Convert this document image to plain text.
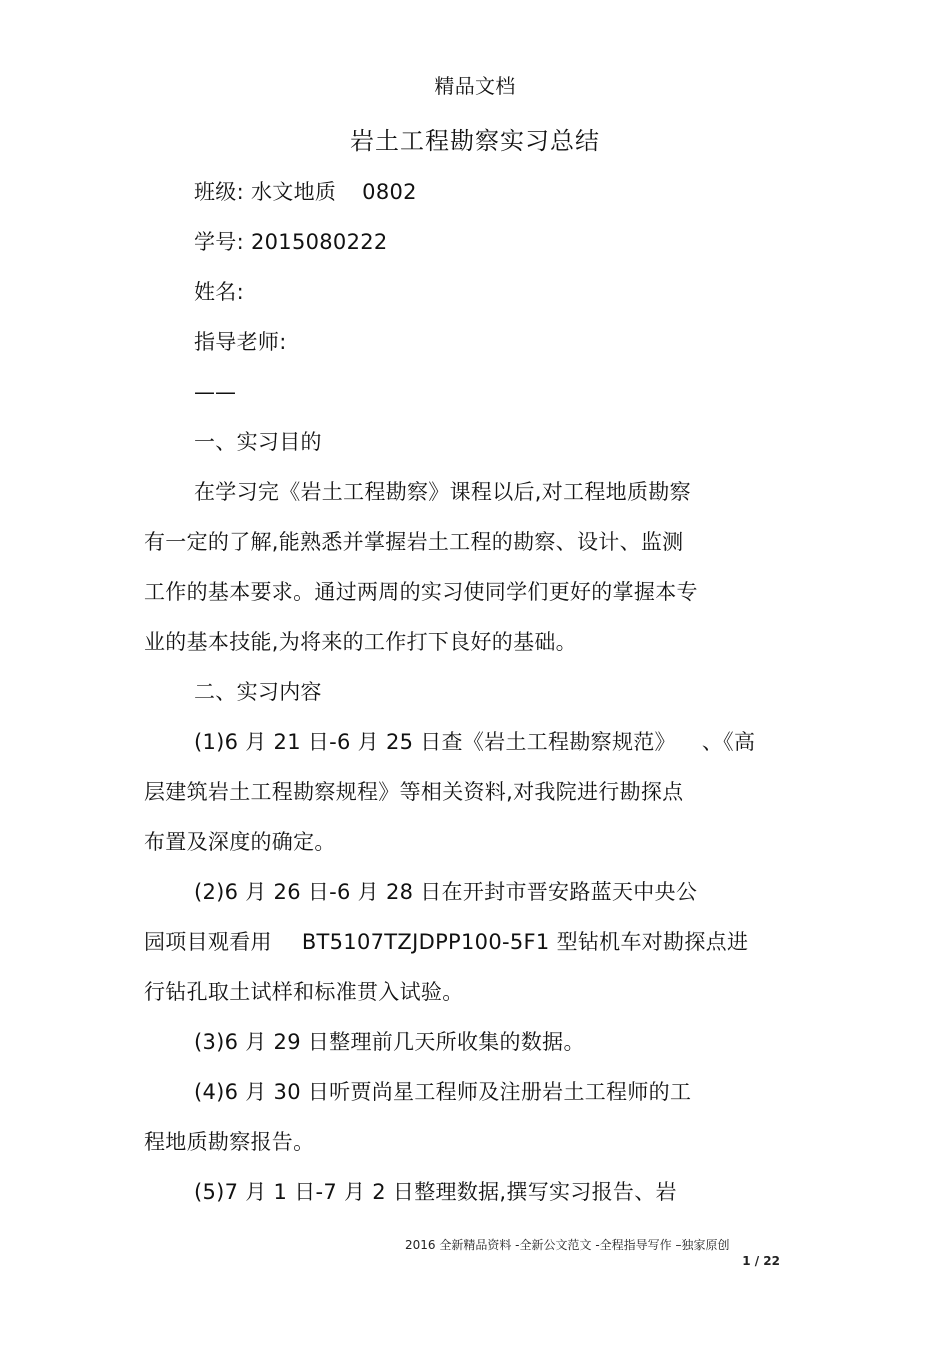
精品文档
岩土工程勘察实习总结
班级: 水文地质 0802
学号: 2015080222
姓名:
指导老师:
——
一、实习目的
在学习完《岩土工程勘察》课程以后,对工程地质勘察
有一定的了解,能熟悉并掌握岩土工程的勘察、设计、监测
工作的基本要求。通过两周的实习使同学们更好的掌握本专
业的基本技能,为将来的工作打下良好的基础。
二、实习内容
(1)6 月 21 日-6 月 25 日查《岩土工程勘察规范》 、《高
层建筑岩土工程勘察规程》等相关资料,对我院进行勘探点
布置及深度的确定。
(2)6 月 26 日-6 月 28 日在开封市晋安路蓝天中央公
园项目观看用 BT5107TZJDPP100-5F1 型钻机车对勘探点进
行钻孔取土试样和标准贯入试验。
(3)6 月 29 日整理前几天所收集的数据。
(4)6 月 30 日听贾尚星工程师及注册岩土工程师的工
程地质勘察报告。
(5)7 月 1 日-7 月 2 日整理数据,撰写实习报告、岩
2016 全新精品资料 -全新公文范文 -全程指导写作 –独家原创
1 / 22
